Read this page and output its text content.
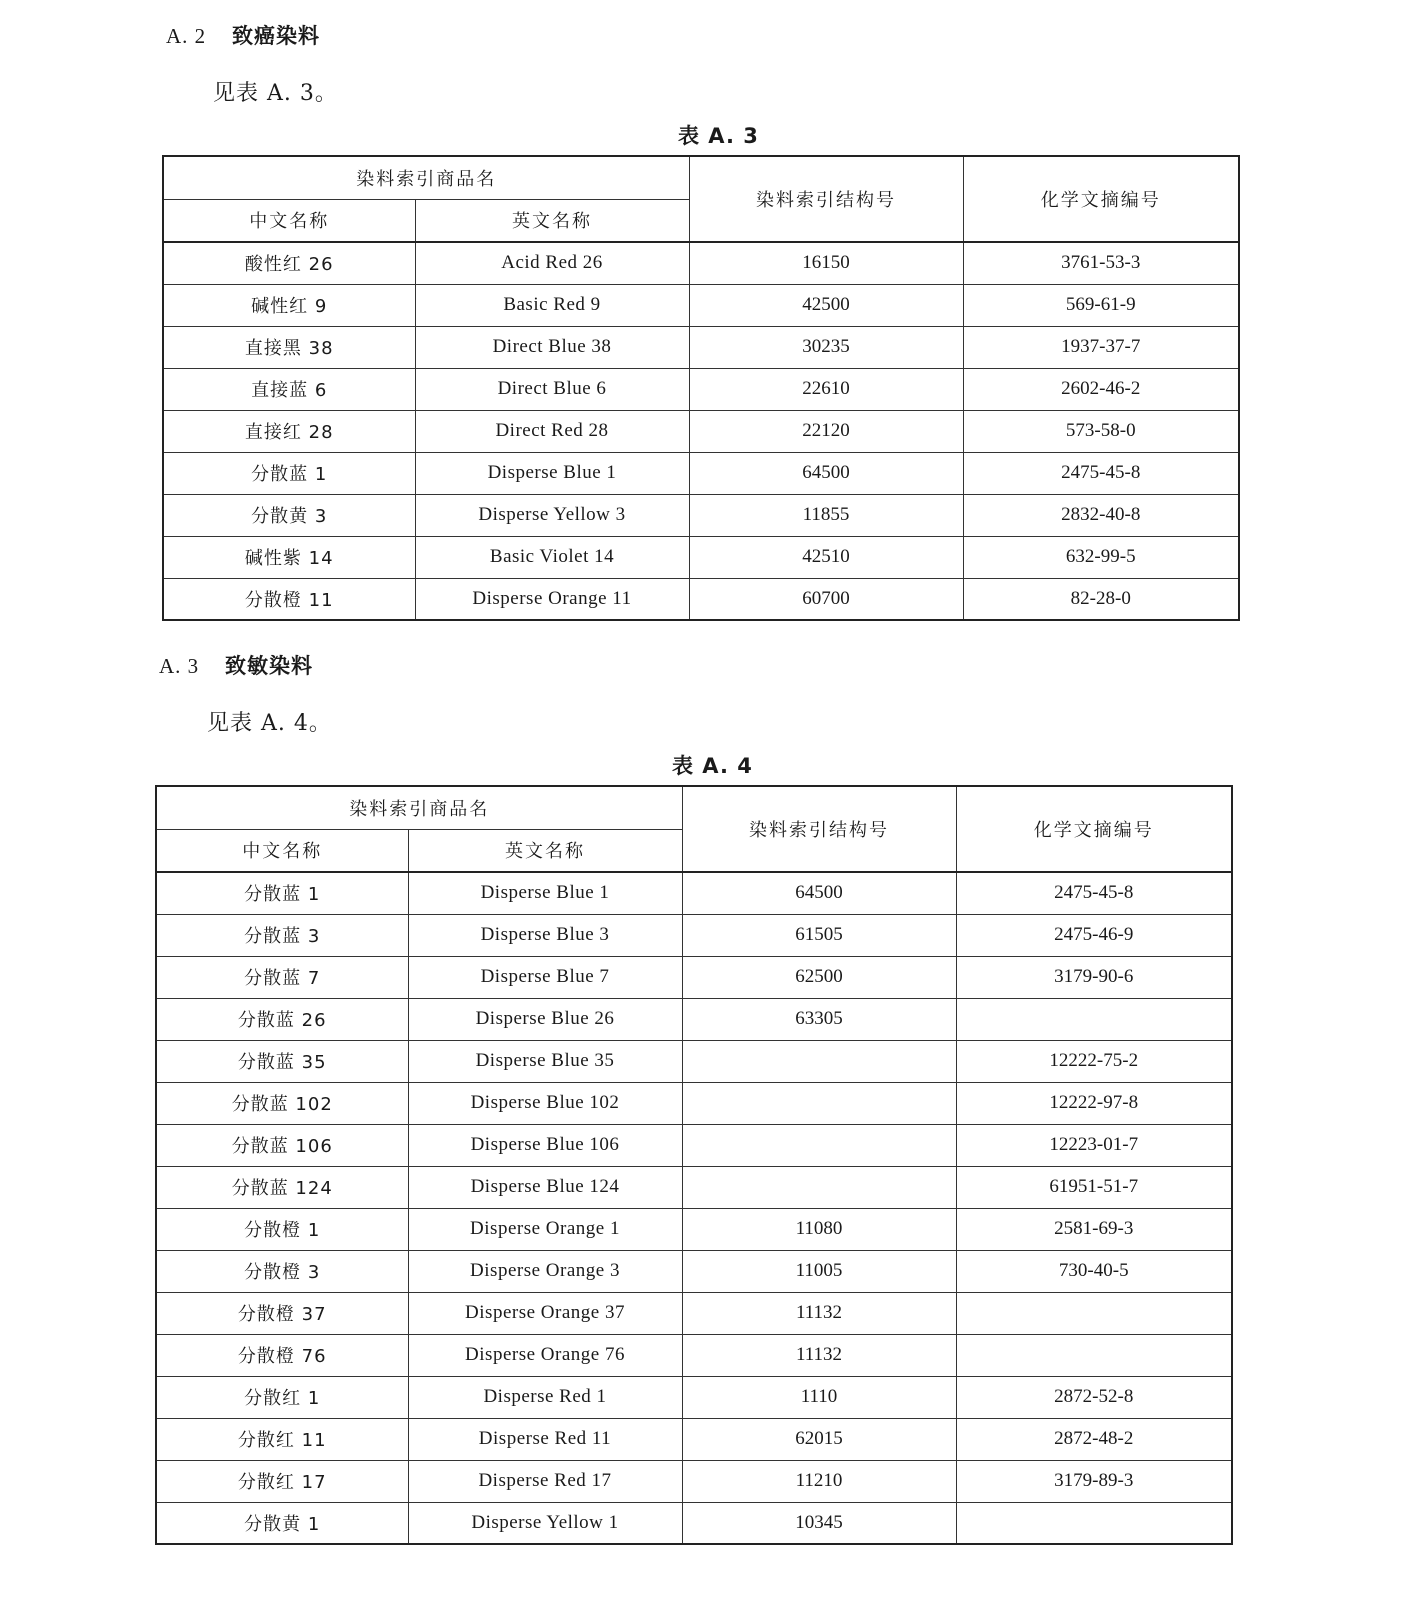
A. 2 致癌染料
见表 A. 3。
表 A. 3
染料索引商品名		染料索引结构号	化学文摘编号
中文名称	英文名称		
酸性红 26	Acid Red 26	16150	3761-53-3
碱性红 9	Basic Red 9	42500	569-61-9
直接黑 38	Direct Blue 38	30235	1937-37-7
直接蓝 6	Direct Blue 6	22610	2602-46-2
直接红 28	Direct Red 28	22120	573-58-0
分散蓝 1	Disperse Blue 1	64500	2475-45-8
分散黄 3	Disperse Yellow 3	11855	2832-40-8
碱性紫 14	Basic Violet 14	42510	632-99-5
分散橙 11	Disperse Orange 11	60700	82-28-0
A. 3 致敏染料
见表 A. 4。
表 A. 4
染料索引商品名		染料索引结构号	化学文摘编号
中文名称	英文名称		
分散蓝 1	Disperse Blue 1	64500	2475-45-8
分散蓝 3	Disperse Blue 3	61505	2475-46-9
分散蓝 7	Disperse Blue 7	62500	3179-90-6
分散蓝 26	Disperse Blue 26	63305	
分散蓝 35	Disperse Blue 35		12222-75-2
分散蓝 102	Disperse Blue 102		12222-97-8
分散蓝 106	Disperse Blue 106		12223-01-7
分散蓝 124	Disperse Blue 124		61951-51-7
分散橙 1	Disperse Orange 1	11080	2581-69-3
分散橙 3	Disperse Orange 3	11005	730-40-5
分散橙 37	Disperse Orange 37	11132	
分散橙 76	Disperse Orange 76	11132	
分散红 1	Disperse Red 1	1110	2872-52-8
分散红 11	Disperse Red 11	62015	2872-48-2
分散红 17	Disperse Red 17	11210	3179-89-3
分散黄 1	Disperse Yellow 1	10345	
